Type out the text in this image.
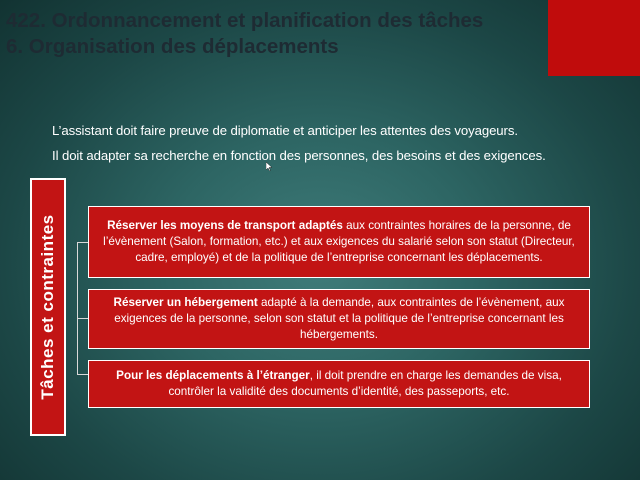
422. Ordonnancement et planification des tâches
6. Organisation des déplacements
L’assistant doit faire preuve de diplomatie et anticiper les attentes des voyageurs.
Il doit adapter sa recherche en fonction des personnes, des besoins et des exigences.
Tâches et contraintes	Réserver les moyens de transport adaptés aux contraintes horaires de la personne, de l’évènement (Salon, formation, etc.) et aux exigences du salarié selon son statut (Directeur, cadre, employé) et de la politique de l’entreprise concernant les déplacements.
Réserver un hébergement adapté à la demande, aux contraintes de l’évènement, aux exigences de la personne, selon son statut et la politique de l’entreprise concernant les hébergements.
Pour les déplacements à l’étranger, il doit prendre en charge les demandes de visa, contrôler la validité des documents d’identité, des passeports, etc.
